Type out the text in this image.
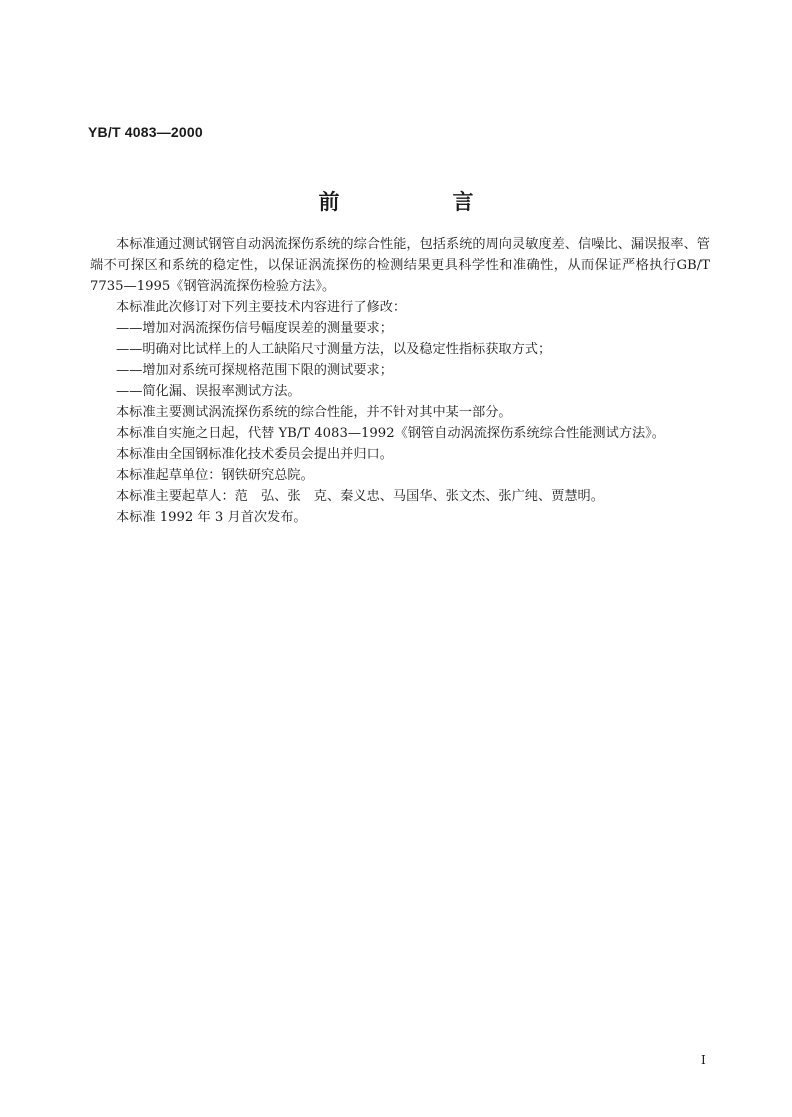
YB/T 4083—2000
前　言

本标准通过测试钢管自动涡流探伤系统的综合性能，包括系统的周向灵敏度差、信噪比、漏误报率、管端不可探区和系统的稳定性，以保证涡流探伤的检测结果更具科学性和准确性，从而保证严格执行GB/T 7735—1995《钢管涡流探伤检验方法》。

本标准此次修订对下列主要技术内容进行了修改：

——增加对涡流探伤信号幅度误差的测量要求；

——明确对比试样上的人工缺陷尺寸测量方法，以及稳定性指标获取方式；

——增加对系统可探规格范围下限的测试要求；

——简化漏、误报率测试方法。

本标准主要测试涡流探伤系统的综合性能，并不针对其中某一部分。

本标准自实施之日起，代替 YB/T 4083—1992《钢管自动涡流探伤系统综合性能测试方法》。

本标准由全国钢标准化技术委员会提出并归口。

本标准起草单位：钢铁研究总院。

本标准主要起草人：范　弘、张　克、秦义忠、马国华、张文杰、张广纯、贾慧明。

本标准 1992 年 3 月首次发布。

I
